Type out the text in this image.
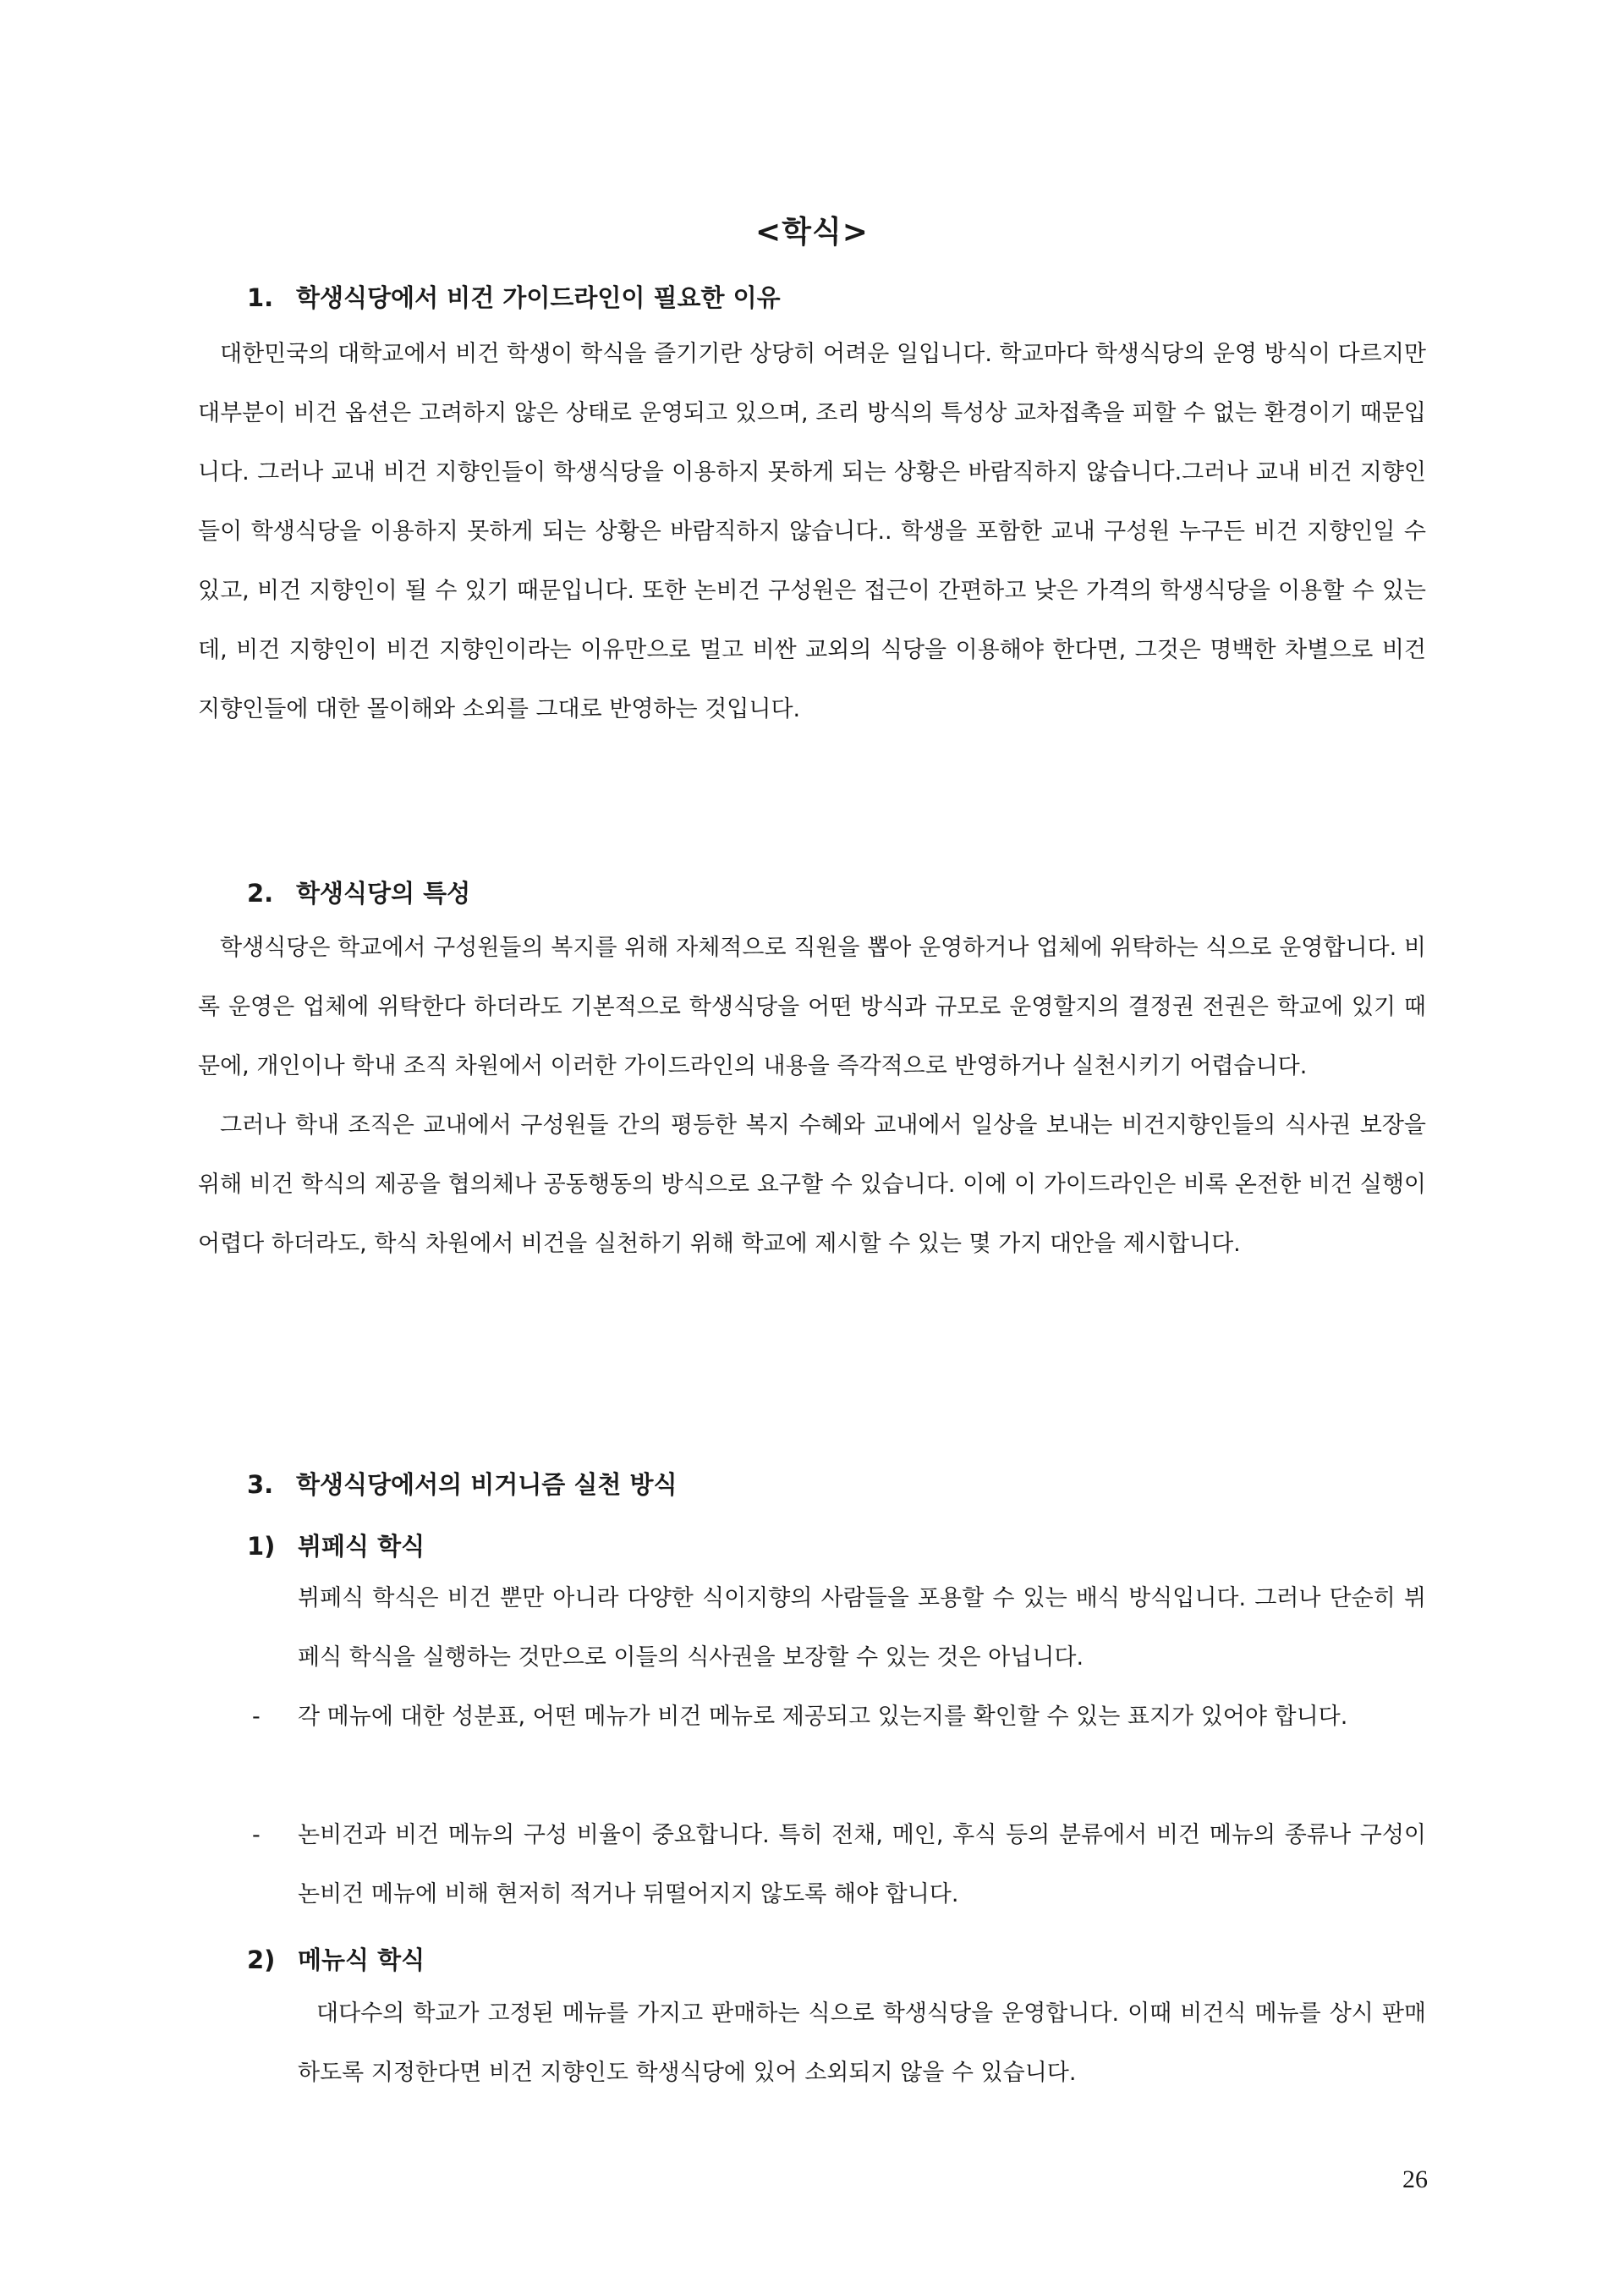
<학식>
1. 학생식당에서 비건 가이드라인이 필요한 이유

대한민국의 대학교에서 비건 학생이 학식을 즐기기란 상당히 어려운 일입니다. 학교마다 학생식당의 운영 방식이 다르지만 대부분이 비건 옵션은 고려하지 않은 상태로 운영되고 있으며, 조리 방식의 특성상 교차접촉을 피할 수 없는 환경이기 때문입니다. 그러나 교내 비건 지향인들이 학생식당을 이용하지 못하게 되는 상황은 바람직하지 않습니다.그러나 교내 비건 지향인들이 학생식당을 이용하지 못하게 되는 상황은 바람직하지 않습니다.. 학생을 포함한 교내 구성원 누구든 비건 지향인일 수 있고, 비건 지향인이 될 수 있기 때문입니다. 또한 논비건 구성원은 접근이 간편하고 낮은 가격의 학생식당을 이용할 수 있는데, 비건 지향인이 비건 지향인이라는 이유만으로 멀고 비싼 교외의 식당을 이용해야 한다면, 그것은 명백한 차별으로 비건 지향인들에 대한 몰이해와 소외를 그대로 반영하는 것입니다.

2. 학생식당의 특성

학생식당은 학교에서 구성원들의 복지를 위해 자체적으로 직원을 뽑아 운영하거나 업체에 위탁하는 식으로 운영합니다. 비록 운영은 업체에 위탁한다 하더라도 기본적으로 학생식당을 어떤 방식과 규모로 운영할지의 결정권 전권은 학교에 있기 때문에, 개인이나 학내 조직 차원에서 이러한 가이드라인의 내용을 즉각적으로 반영하거나 실천시키기 어렵습니다.

그러나 학내 조직은 교내에서 구성원들 간의 평등한 복지 수혜와 교내에서 일상을 보내는 비건지향인들의 식사권 보장을 위해 비건 학식의 제공을 협의체나 공동행동의 방식으로 요구할 수 있습니다. 이에 이 가이드라인은 비록 온전한 비건 실행이 어렵다 하더라도, 학식 차원에서 비건을 실천하기 위해 학교에 제시할 수 있는 몇 가지 대안을 제시합니다.

3. 학생식당에서의 비거니즘 실천 방식
1) 뷔페식 학식

뷔페식 학식은 비건 뿐만 아니라 다양한 식이지향의 사람들을 포용할 수 있는 배식 방식입니다. 그러나 단순히 뷔페식 학식을 실행하는 것만으로 이들의 식사권을 보장할 수 있는 것은 아닙니다.

- 각 메뉴에 대한 성분표, 어떤 메뉴가 비건 메뉴로 제공되고 있는지를 확인할 수 있는 표지가 있어야 합니다.

- 논비건과 비건 메뉴의 구성 비율이 중요합니다. 특히 전채, 메인, 후식 등의 분류에서 비건 메뉴의 종류나 구성이 논비건 메뉴에 비해 현저히 적거나 뒤떨어지지 않도록 해야 합니다.

2) 메뉴식 학식

대다수의 학교가 고정된 메뉴를 가지고 판매하는 식으로 학생식당을 운영합니다. 이때 비건식 메뉴를 상시 판매하도록 지정한다면 비건 지향인도 학생식당에 있어 소외되지 않을 수 있습니다.

26
